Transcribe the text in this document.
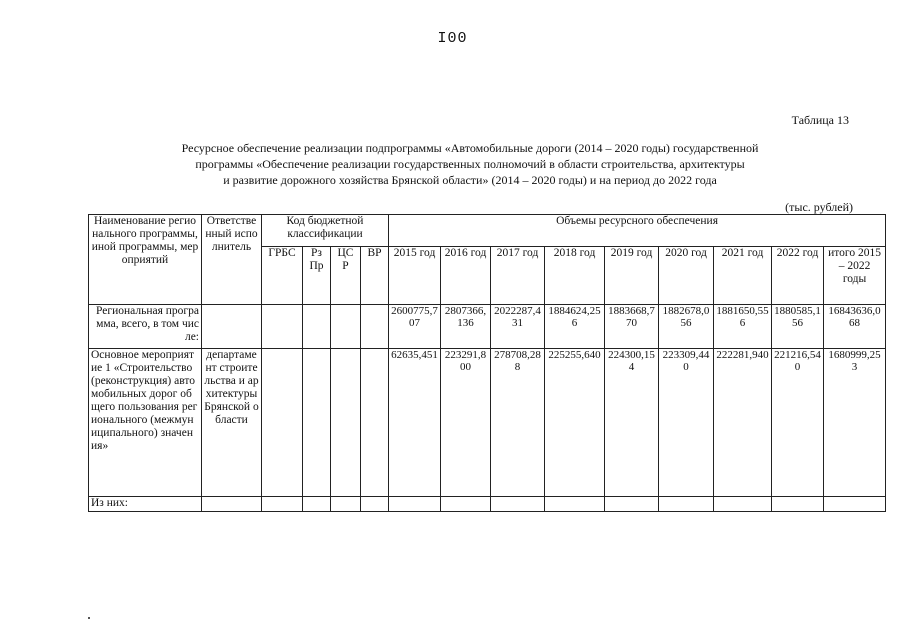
I00
Таблица 13
Ресурсное обеспечение реализации подпрограммы «Автомобильные дороги (2014 – 2020 годы) государственной
программы «Обеспечение реализации государственных полномочий в области строительства, архитектуры
и развитие дорожного хозяйства Брянской области» (2014 – 2020 годы) и на период до 2022 года
(тыс. рублей)
Наименование регионального программы, иной программы, мероприятий	Ответственный исполнитель	Код бюджетной классификации				Объемы ресурсного обеспечения								
		ГРБС	Рз Пр	ЦС Р	ВР	2015 год	2016 год	2017 год	2018 год	2019 год	2020 год	2021 год	2022 год	итого 2015 – 2022 годы
Региональная программа, всего, в том числе:						2600775,707	2807366,136	2022287,431	1884624,256	1883668,770	1882678,056	1881650,556	1880585,156	16843636,068
Основное мероприятие 1 «Строительство (реконструкция) автомобильных дорог общего пользования регионального (межмуниципального) значения»	департамент строительства и архитектуры Брянской области					62635,451	223291,800	278708,288	225255,640	224300,154	223309,440	222281,940	221216,540	1680999,253
Из них:														
